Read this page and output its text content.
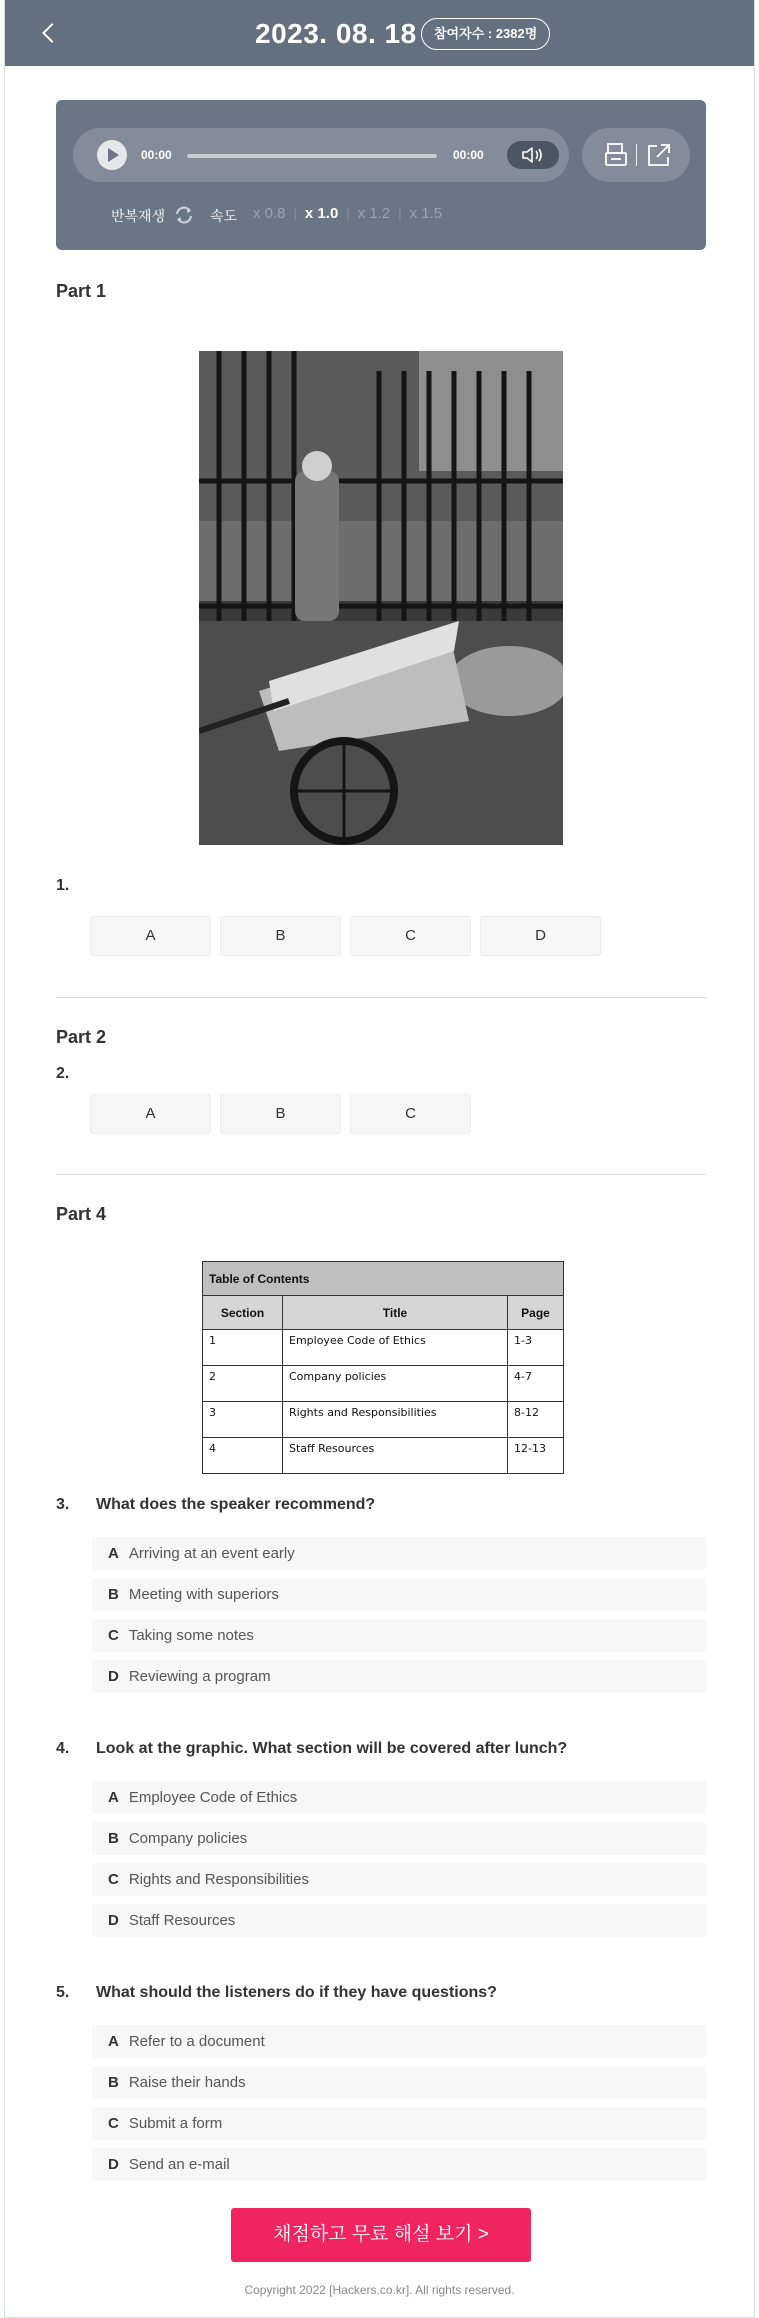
2023. 08. 18	참여자수 : 2382명
00:00	00:00
반복재생	속도 x 0.8 | x 1.0 | x 1.2 | x 1.5
Part 1
1.
A	B	C	D
Part 2
2.
A	B	C
Part 4
Table of Contents		
Section	Title	Page
1	Employee Code of Ethics	1-3
2	Company policies	4-7
3	Rights and Responsibilities	8-12
4	Staff Resources	12-13
3. What does the speaker recommend?
A Arriving at an event early
B Meeting with superiors
C Taking some notes
D Reviewing a program
4. Look at the graphic. What section will be covered after lunch?
A Employee Code of Ethics
B Company policies
C Rights and Responsibilities
D Staff Resources
5. What should the listeners do if they have questions?
A Refer to a document
B Raise their hands
C Submit a form
D Send an e-mail
채점하고 무료 해설 보기 >
Copyright 2022 [Hackers.co.kr]. All rights reserved.
